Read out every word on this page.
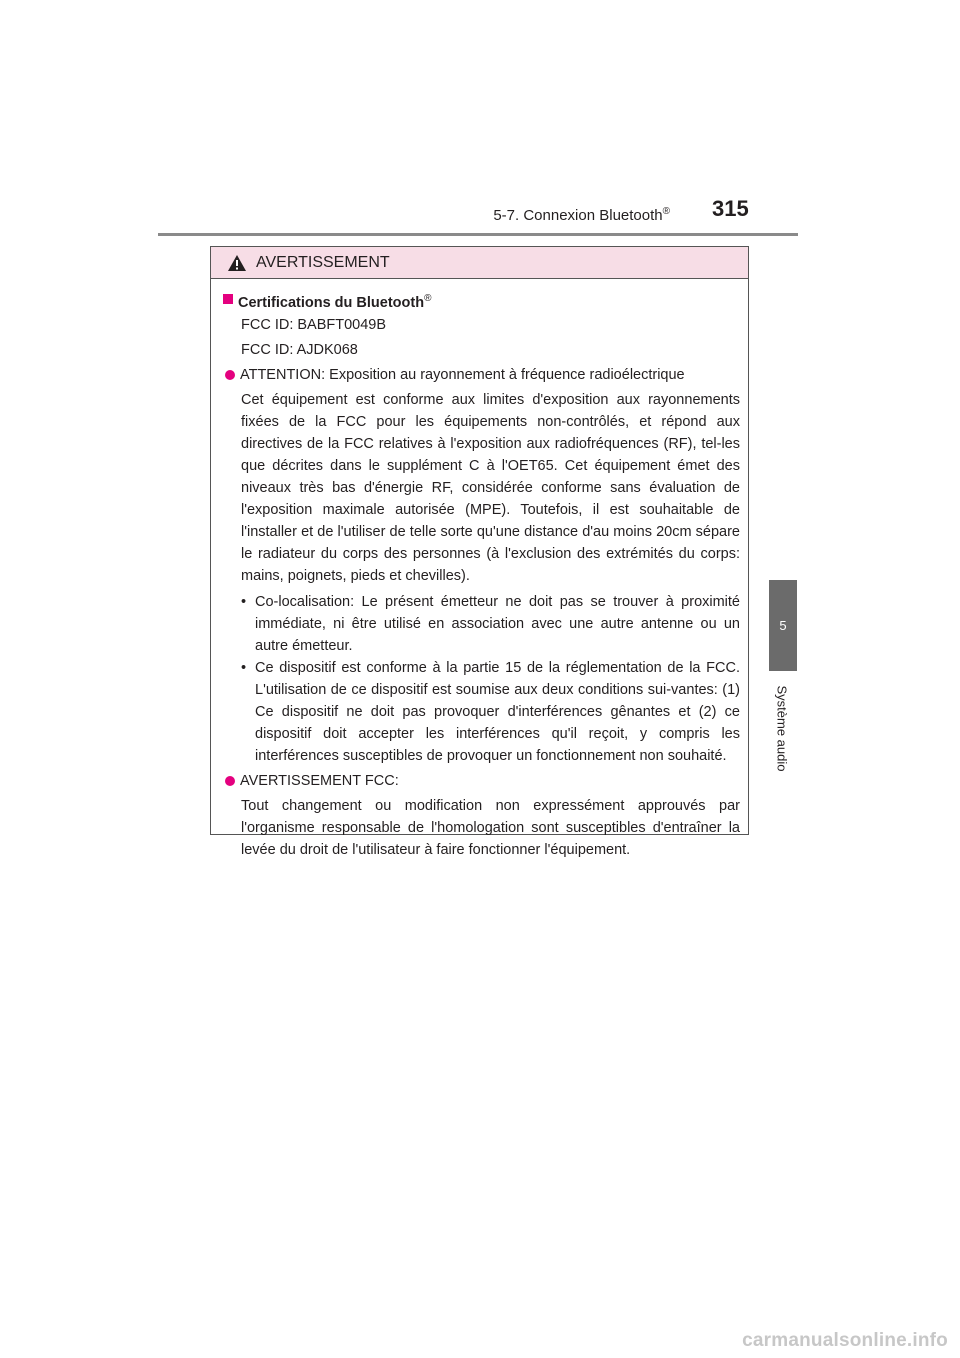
5-7. Connexion Bluetooth® 315
5
Système audio
AVERTISSEMENT
Certifications du Bluetooth®
FCC ID: BABFT0049B
FCC ID: AJDK068
ATTENTION: Exposition au rayonnement à fréquence radioélectrique
Cet équipement est conforme aux limites d'exposition aux rayonnements fixées de la FCC pour les équipements non-contrôlés, et répond aux directives de la FCC relatives à l'exposition aux radiofréquences (RF), tel-les que décrites dans le supplément C à l'OET65. Cet équipement émet des niveaux très bas d'énergie RF, considérée conforme sans évaluation de l'exposition maximale autorisée (MPE). Toutefois, il est souhaitable de l'installer et de l'utiliser de telle sorte qu'une distance d'au moins 20cm sépare le radiateur du corps des personnes (à l'exclusion des extrémités du corps: mains, poignets, pieds et chevilles).
• Co-localisation: Le présent émetteur ne doit pas se trouver à proximité immédiate, ni être utilisé en association avec une autre antenne ou un autre émetteur.
• Ce dispositif est conforme à la partie 15 de la réglementation de la FCC. L'utilisation de ce dispositif est soumise aux deux conditions sui-vantes: (1) Ce dispositif ne doit pas provoquer d'interférences gênantes et (2) ce dispositif doit accepter les interférences qu'il reçoit, y compris les interférences susceptibles de provoquer un fonctionnement non souhaité.
AVERTISSEMENT FCC:
Tout changement ou modification non expressément approuvés par l'organisme responsable de l'homologation sont susceptibles d'entraîner la levée du droit de l'utilisateur à faire fonctionner l'équipement.
carmanualsonline.info
